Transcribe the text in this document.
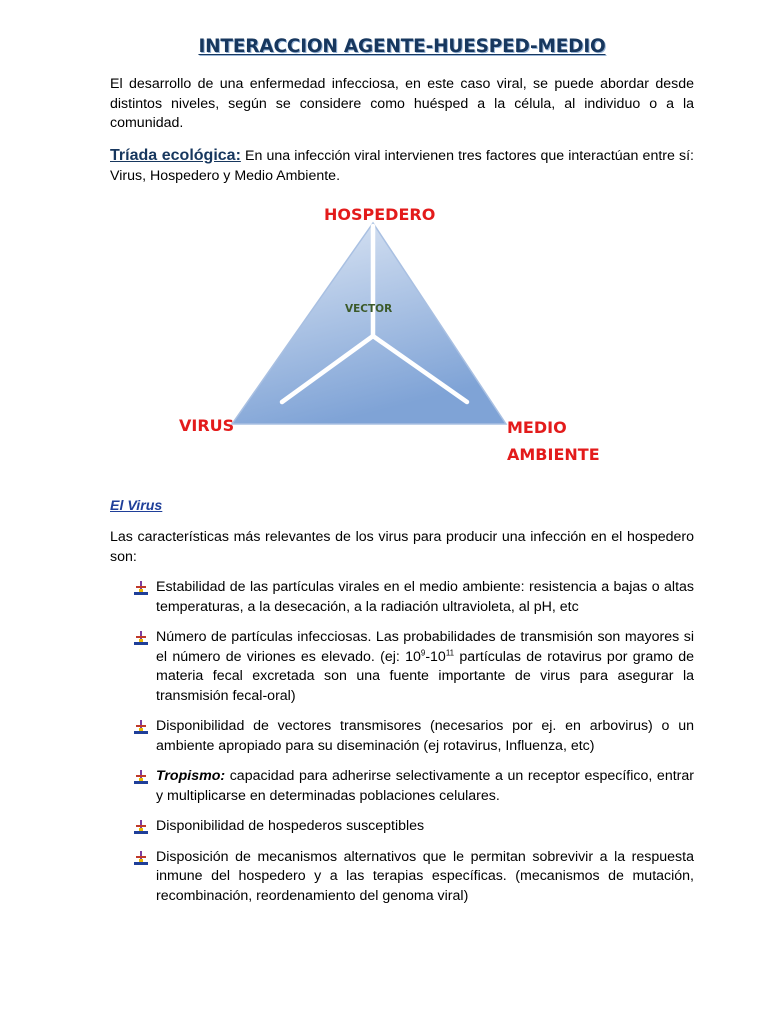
INTERACCION AGENTE-HUESPED-MEDIO
El desarrollo de una enfermedad infecciosa, en este caso viral, se puede abordar desde distintos niveles, según se considere como huésped a la célula, al individuo o a la comunidad.
Tríada ecológica: En una infección viral intervienen tres factores que interactúan entre sí: Virus, Hospedero y Medio Ambiente.
HOSPEDERO
VIRUS	MEDIO
AMBIENTE
VECTOR
El Virus
Las características más relevantes de los virus para producir una infección en el hospedero son:
Estabilidad de las partículas virales en el medio ambiente: resistencia a bajas o altas temperaturas, a la desecación, a la radiación ultravioleta, al pH, etc
Número de partículas infecciosas. Las probabilidades de transmisión son mayores si el número de viriones es elevado. (ej: $10^9-10^{11}$ partículas de rotavirus por gramo de materia fecal excretada son una fuente importante de virus para asegurar la transmisión fecal-oral)
Disponibilidad de vectores transmisores (necesarios por ej. en arbovirus) o un ambiente apropiado para su diseminación (ej rotavirus, Influenza, etc)
Tropismo: capacidad para adherirse selectivamente a un receptor específico, entrar y multiplicarse en determinadas poblaciones celulares.
Disponibilidad de hospederos susceptibles
Disposición de mecanismos alternativos que le permitan sobrevivir a la respuesta inmune del hospedero y a las terapias específicas. (mecanismos de mutación, recombinación, reordenamiento del genoma viral)
